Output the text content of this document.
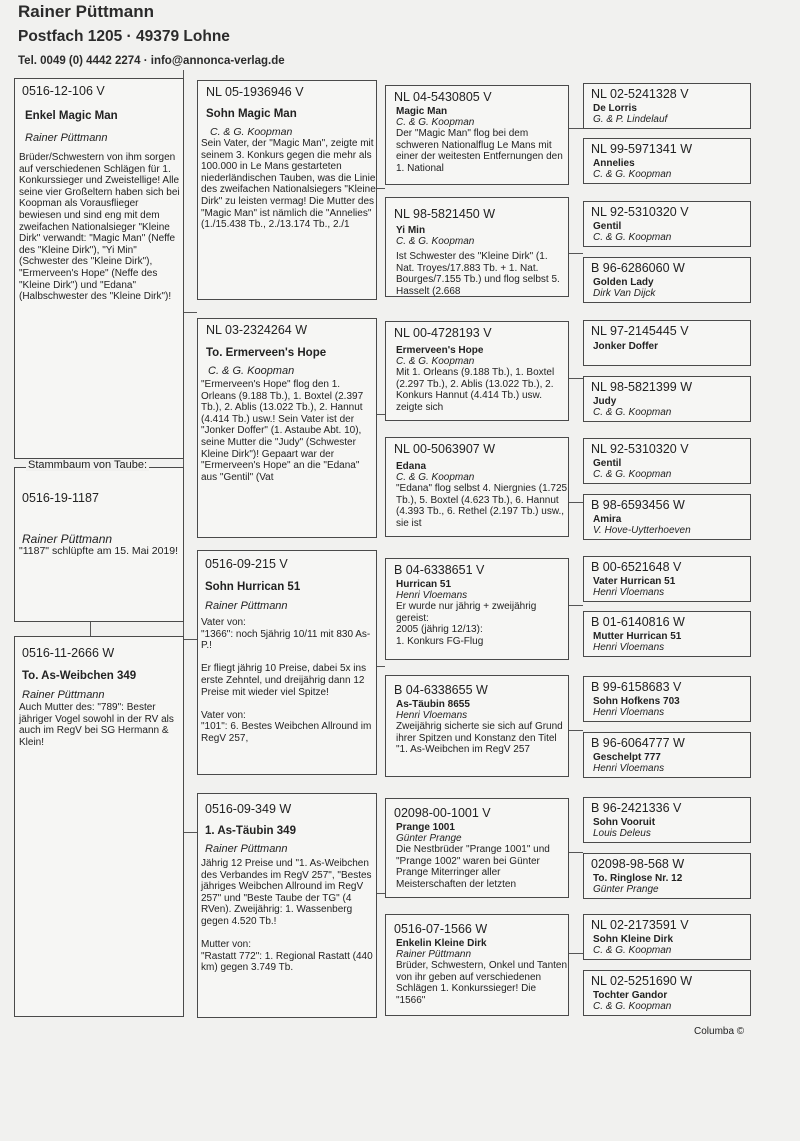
Rainer Püttmann
Postfach 1205 · 49379 Lohne
Tel. 0049 (0) 4442 2274 · info@annonca-verlag.de
0516-12-106 V
Enkel Magic Man
Rainer Püttmann
Brüder/Schwestern von ihm sorgen auf verschiedenen Schlägen für 1. Konkurssieger und Zweistellige! Alle seine vier Großeltern haben sich bei Koopman als Vorausflieger bewiesen und sind eng mit dem zweifachen Nationalsieger "Kleine Dirk" verwandt: "Magic Man" (Neffe des "Kleine Dirk"), "Yi Min" (Schwester des "Kleine Dirk"), "Ermerveen's Hope" (Neffe des "Kleine Dirk") und "Edana" (Halbschwester des "Kleine Dirk")!
0516-19-1187
Rainer Püttmann
"1187" schlüpfte am 15. Mai 2019!
Stammbaum von Taube:
0516-11-2666 W
To. As-Weibchen 349
Rainer Püttmann
Auch Mutter des: "789": Bester jähriger Vogel sowohl in der RV als auch im RegV bei SG Hermann & Klein!
NL 05-1936946 V
Sohn Magic Man
C. & G. Koopman
Sein Vater, der "Magic Man", zeigte mit seinem 3. Konkurs gegen die mehr als 100.000 in Le Mans gestarteten niederländischen Tauben, was die Linie des zweifachen Nationalsiegers "Kleine Dirk" zu leisten vermag! Die Mutter des "Magic Man" ist nämlich die "Annelies" (1./15.438 Tb., 2./13.174 Tb., 2./1
NL 03-2324264 W
To. Ermerveen's Hope
C. & G. Koopman
"Ermerveen's Hope" flog den 1. Orleans (9.188 Tb.), 1. Boxtel (2.397 Tb.), 2. Ablis (13.022 Tb.), 2. Hannut (4.414 Tb.) usw.! Sein Vater ist der "Jonker Doffer" (1. Astaube Abt. 10), seine Mutter die "Judy" (Schwester Kleine Dirk")! Gepaart war der "Ermerveen's Hope" an die "Edana" aus "Gentil" (Vat
0516-09-215 V
Sohn Hurrican 51
Rainer Püttmann
Vater von:
"1366": noch 5jährig 10/11 mit 830 As-P.!

Er fliegt jährig 10 Preise, dabei 5x ins erste Zehntel, und dreijährig dann 12 Preise mit wieder viel Spitze!

Vater von:
"101": 6. Bestes Weibchen Allround im RegV 257,
0516-09-349 W
1. As-Täubin 349
Rainer Püttmann
Jährig 12 Preise und "1. As-Weibchen des Verbandes im RegV 257", "Bestes jähriges Weibchen Allround im RegV 257" und "Beste Taube der TG" (4 RVen). Zweijährig: 1. Wassenberg gegen 4.520 Tb.!

Mutter von:
"Rastatt 772": 1. Regional Rastatt (440 km) gegen 3.749 Tb.
NL 04-5430805 V
Magic Man
C. & G. Koopman
Der "Magic Man" flog bei dem schweren Nationalflug Le Mans mit einer der weitesten Entfernungen den 1. National
NL 98-5821450 W
Yi Min
C. & G. Koopman
Ist Schwester des "Kleine Dirk" (1. Nat. Troyes/17.883 Tb. + 1. Nat. Bourges/7.155 Tb.) und flog selbst 5. Hasselt (2.668
NL 00-4728193 V
Ermerveen's Hope
C. & G. Koopman
Mit 1. Orleans (9.188 Tb.), 1. Boxtel (2.297 Tb.), 2. Ablis (13.022 Tb.), 2. Konkurs Hannut (4.414 Tb.) usw. zeigte sich
NL 00-5063907 W
Edana
C. & G. Koopman
"Edana" flog selbst 4. Niergnies (1.725 Tb.), 5. Boxtel (4.623 Tb.), 6. Hannut (4.393 Tb., 6. Rethel (2.197 Tb.) usw., sie ist
B 04-6338651 V
Hurrican 51
Henri Vloemans
Er wurde nur jährig + zweijährig gereist:
2005 (jährig 12/13):
1. Konkurs FG-Flug
B 04-6338655 W
As-Täubin 8655
Henri Vloemans
Zweijährig sicherte sie sich auf Grund ihrer Spitzen und Konstanz den Titel "1. As-Weibchen im RegV 257
02098-00-1001 V
Prange 1001
Günter Prange
Die Nestbrüder "Prange 1001" und "Prange 1002" waren bei Günter Prange Miterringer aller Meisterschaften der letzten
0516-07-1566 W
Enkelin Kleine Dirk
Rainer Püttmann
Brüder, Schwestern, Onkel und Tanten von ihr geben auf verschiedenen Schlägen 1. Konkurssieger! Die "1566"
NL 02-5241328 V
De Lorris
G. & P. Lindelauf
NL 99-5971341 W
Annelies
C. & G. Koopman
NL 92-5310320 V
Gentil
C. & G. Koopman
B 96-6286060 W
Golden Lady
Dirk Van Dijck
NL 97-2145445 V
Jonker Doffer
NL 98-5821399 W
Judy
C. & G. Koopman
NL 92-5310320 V
Gentil
C. & G. Koopman
B 98-6593456 W
Amira
V. Hove-Uytterhoeven
B 00-6521648 V
Vater Hurrican 51
Henri Vloemans
B 01-6140816 W
Mutter Hurrican 51
Henri Vloemans
B 99-6158683 V
Sohn Hofkens 703
Henri Vloemans
B 96-6064777 W
Geschelpt 777
Henri Vloemans
B 96-2421336 V
Sohn Vooruit
Louis Deleus
02098-98-568 W
To. Ringlose Nr. 12
Günter Prange
NL 02-2173591 V
Sohn Kleine Dirk
C. & G. Koopman
NL 02-5251690 W
Tochter Gandor
C. & G. Koopman
Columba ©
